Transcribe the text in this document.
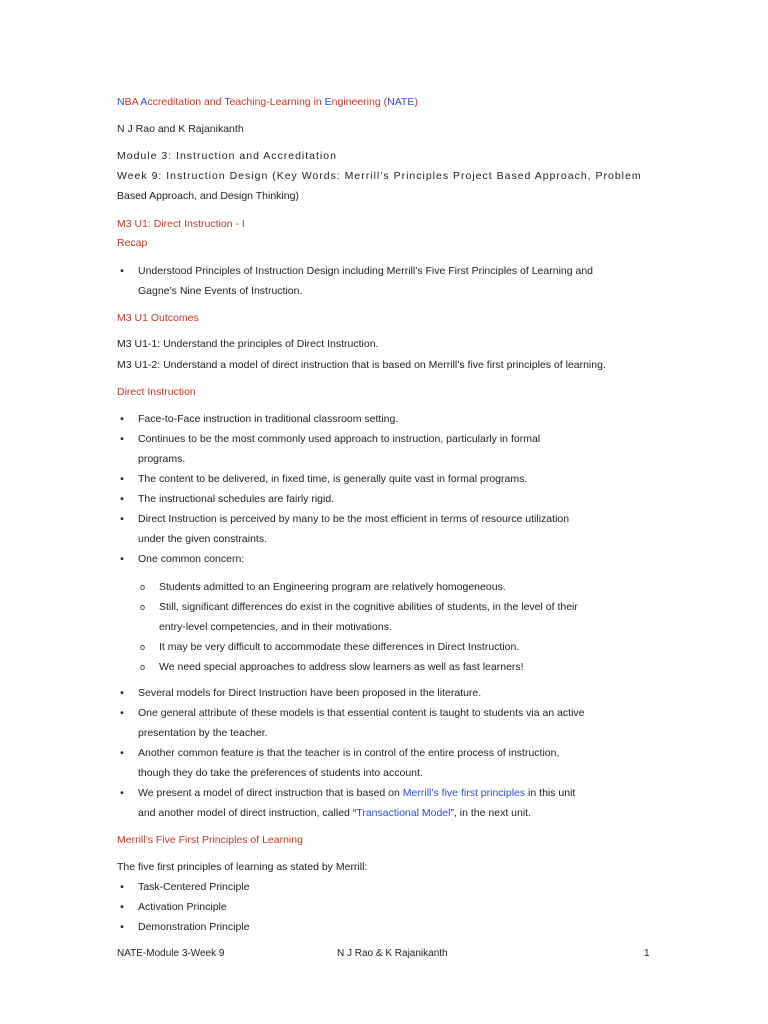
NBA Accreditation and Teaching-Learning in Engineering (NATE)
N J Rao and K Rajanikanth
Module 3: Instruction and Accreditation
Week 9: Instruction Design (Key Words: Merrill’s Principles Project Based Approach, Problem
Based Approach, and Design Thinking)
M3 U1: Direct Instruction - I
Recap
•	Understood Principles of Instruction Design including Merrill’s Five First Principles of Learning and
Gagne’s Nine Events of Instruction.
M3 U1 Outcomes
M3 U1-1: Understand the principles of Direct Instruction.
M3 U1-2: Understand a model of direct instruction that is based on Merrill’s five first principles of learning.
Direct Instruction
•	Face-to-Face instruction in traditional classroom setting.
•	Continues to be the most commonly used approach to instruction, particularly in formal
programs.
•	The content to be delivered, in fixed time, is generally quite vast in formal programs.
•	The instructional schedules are fairly rigid.
•	Direct Instruction is perceived by many to be the most efficient in terms of resource utilization
under the given constraints.
•	One common concern:
o Students admitted to an Engineering program are relatively homogeneous.
o Still, significant differences do exist in the cognitive abilities of students, in the level of their
entry-level competencies, and in their motivations.
o It may be very difficult to accommodate these differences in Direct Instruction.
o We need special approaches to address slow learners as well as fast learners!
•	Several models for Direct Instruction have been proposed in the literature.
•	One general attribute of these models is that essential content is taught to students via an active
presentation by the teacher.
•	Another common feature is that the teacher is in control of the entire process of instruction,
though they do take the preferences of students into account.
•	We present a model of direct instruction that is based on Merrill’s five first principles in this unit
and another model of direct instruction, called “Transactional Model”, in the next unit.
Merrill’s Five First Principles of Learning
The five first principles of learning as stated by Merrill:
•	Task-Centered Principle
•	Activation Principle
•	Demonstration Principle
NATE-Module 3-Week 9	N J Rao & K Rajanikanth	1
